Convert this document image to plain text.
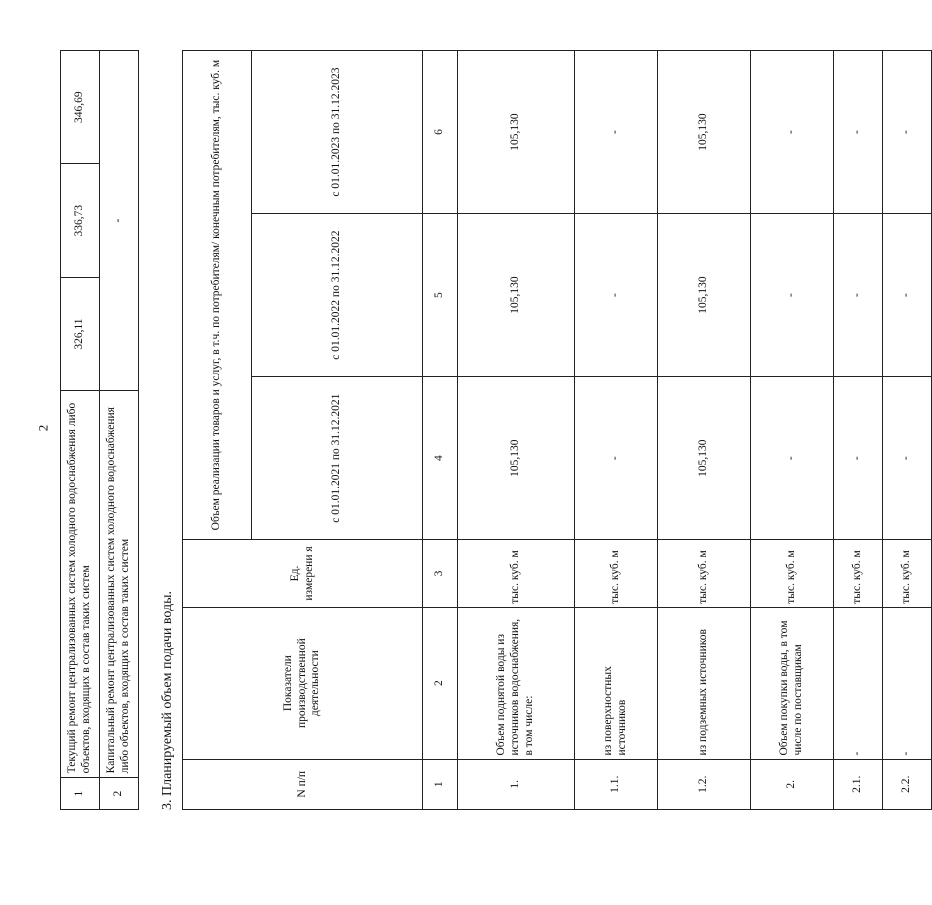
2
1	Текущий ремонт централизованных систем холодного водоснабжения либо объектов, входящих в состав таких систем	326,11	336,73	346,69
2	Капитальный ремонт централизованных систем холодного водоснабжения либо объектов, входящих в состав таких систем	-		
3. Планируемый объем подачи воды.	N п/п	Показатели производственной деятельности	Ед. измерени я	Объем реализации товаров и услуг, в т.ч. по потребителям/ конечным потребителям, тыс. куб. м		
			с 01.01.2021 по 31.12.2021	с 01.01.2022 по 31.12.2022	с 01.01.2023 по 31.12.2023
1	2	3	4	5	6
1.	Объем поднятой воды из источников водоснабжения, в том числе:	тыс. куб. м	105,130	105,130	105,130
1.1.	из поверхностных источников	тыс. куб. м	-	-	-
1.2.	из подземных источников	тыс. куб. м	105,130	105,130	105,130
2.	Объем покупки воды, в том числе по поставщикам	тыс. куб. м	-	-	-
2.1.	-	тыс. куб. м	-	-	-
2.2.	-	тыс. куб. м	-	-	-
